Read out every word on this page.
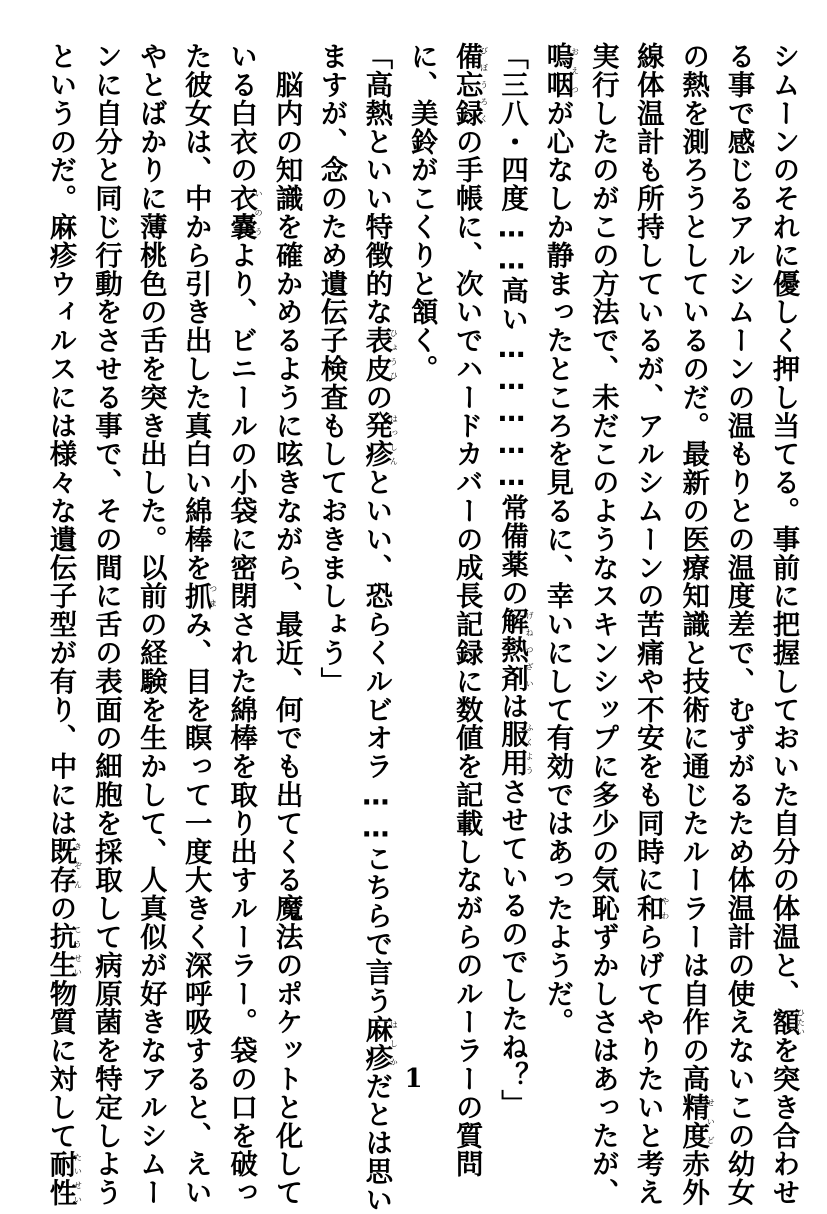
シムーンのそれに優しく押し当てる。事前に把握しておいた自分の体温と、額ひたいを突き合わせ
る事で感じるアルシムーンの温もりとの温度差で、むずがるため体温計の使えないこの幼女
の熱を測ろうとしているのだ。最新の医療知識と技術に通じたルーラーは自作の高精度せいど赤外
線体温計も所持しているが、アルシムーンの苦痛や不安をも同時に和やわらげてやりたいと考え
実行したのがこの方法で、未だこのようなスキンシップに多少の気恥ずかしさはあったが、
嗚咽おえつが心なしか静まったところを見るに、幸いにして有効ではあったようだ。
「三八・四度……高い……………常備薬の解熱剤げねつざいは服用ふくようさせているのでしたね？」
備忘録びぼうろくの手帳に、次いでハードカバーの成長記録に数値を記載しながらのルーラーの質問
に、美鈴がこくりと頷く。
「高熱といい特徴的な表皮ひょうひの発疹はっしんといい、恐らくルビオラ……こちらで言う麻疹はしかだとは思い
ますが、念のため遺伝子検査もしておきましょう」
　脳内の知識を確かめるように呟きながら、最近、何でも出てくる魔法のポケットと化して
いる白衣の衣嚢いのうより、ビニールの小袋に密閉された綿棒を取り出すルーラー。袋の口を破っ
た彼女は、中から引き出した真白い綿棒を抓つまみ、目を瞑って一度大きく深呼吸すると、えい
やとばかりに薄桃色の舌を突き出した。以前の経験を生かして、人真似が好きなアルシムー
ンに自分と同じ行動をさせる事で、その間に舌の表面の細胞を採取して病原菌を特定しよう
というのだ。麻疹ウィルスには様々な遺伝子型が有り、中には既存きぞんの抗生こうせい物質に対して耐性たいせい
1
